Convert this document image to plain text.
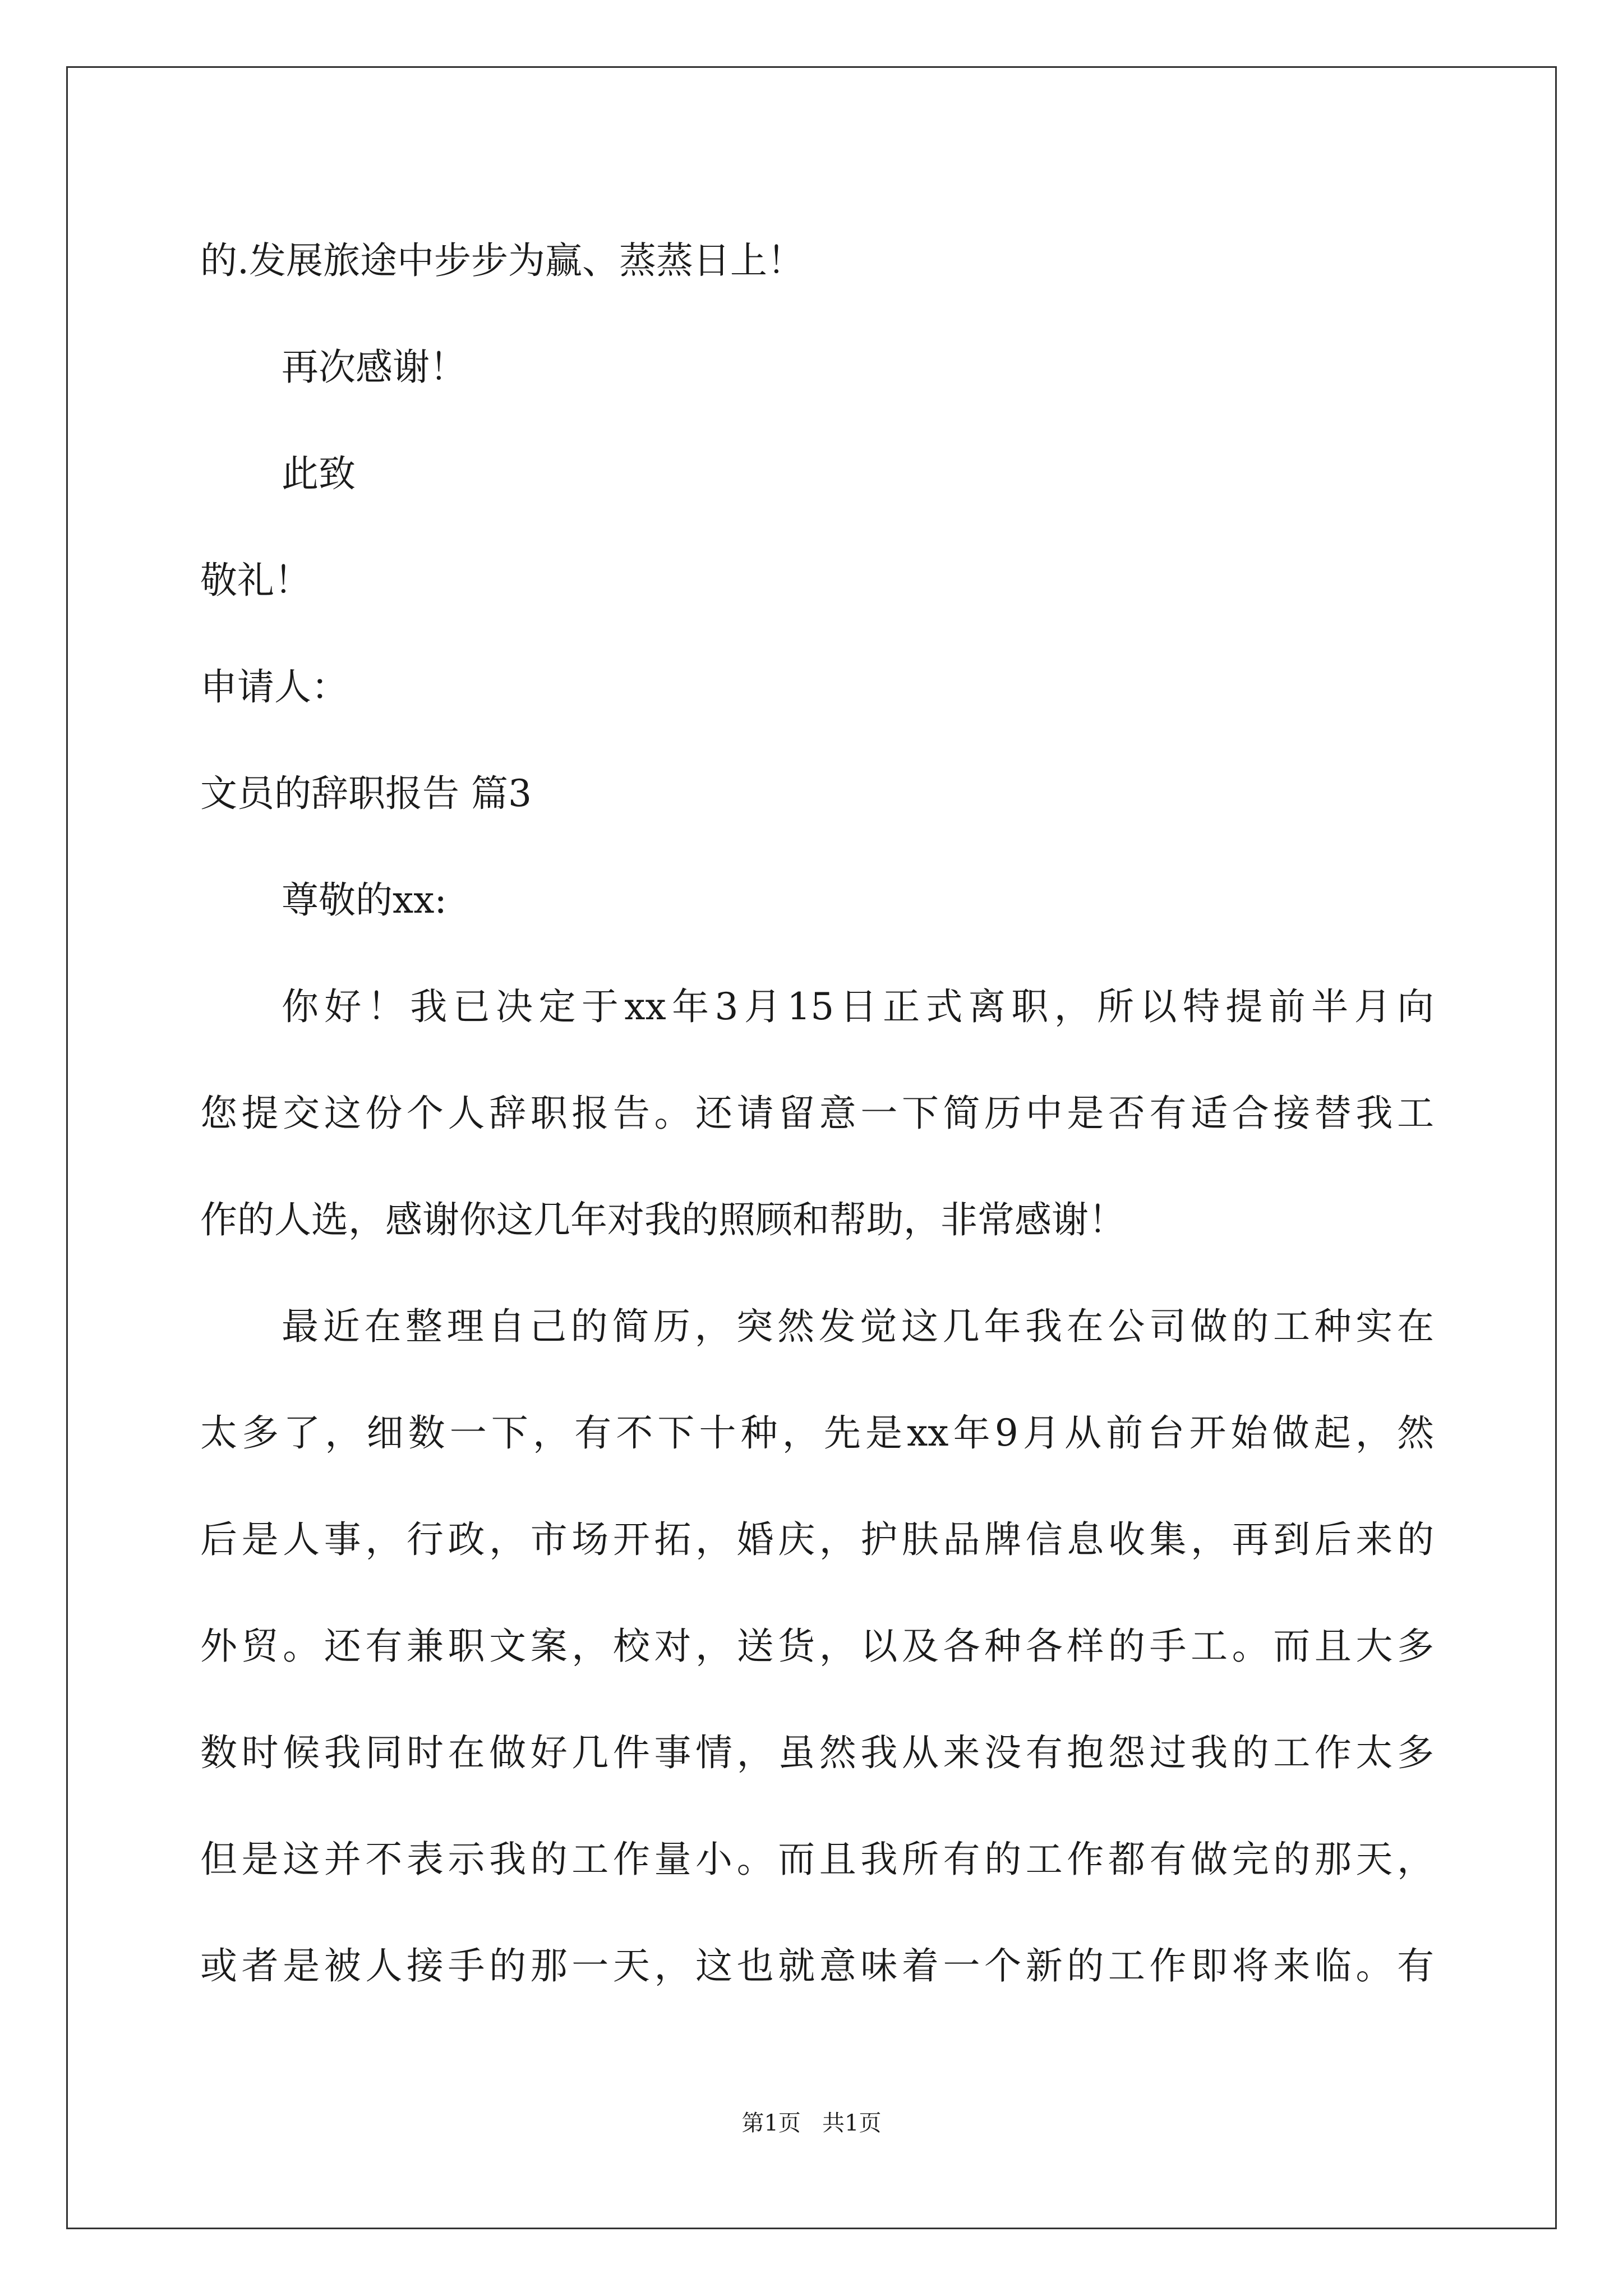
的.发展旅途中步步为赢、蒸蒸日上！
再次感谢！
此致
敬礼！
申请人：
文员的辞职报告 篇3
尊敬的xx:
你好！我已决定于xx年3月15日正式离职，所以特提前半月向
您提交这份个人辞职报告。还请留意一下简历中是否有适合接替我工
作的人选，感谢你这几年对我的照顾和帮助，非常感谢！
最近在整理自己的简历，突然发觉这几年我在公司做的工种实在
太多了，细数一下，有不下十种，先是xx年9月从前台开始做起，然
后是人事，行政，市场开拓，婚庆，护肤品牌信息收集，再到后来的
外贸。还有兼职文案，校对，送货，以及各种各样的手工。而且大多
数时候我同时在做好几件事情，虽然我从来没有抱怨过我的工作太多
但是这并不表示我的工作量小。而且我所有的工作都有做完的那天，
或者是被人接手的那一天，这也就意味着一个新的工作即将来临。有
第1页   共1页
